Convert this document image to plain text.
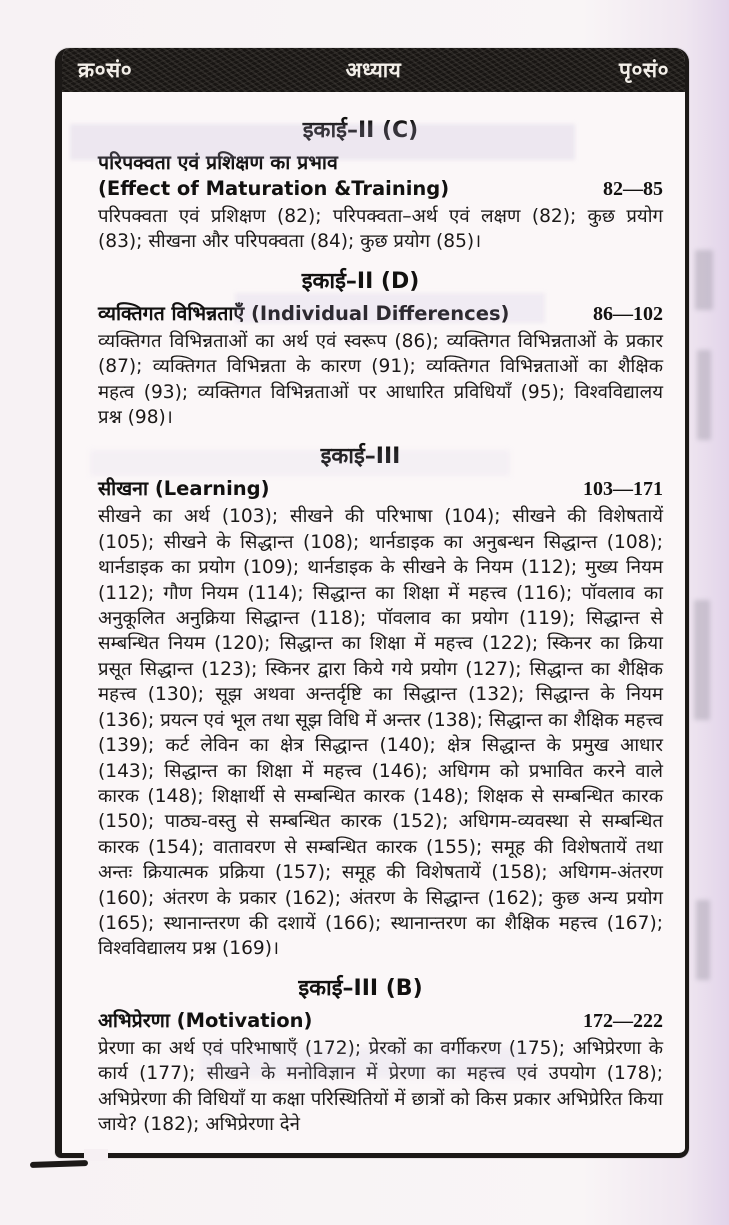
क्र०सं०	अध्याय	पृ०सं०
इकाई–II (C)
परिपक्वता एवं प्रशिक्षण का प्रभाव
(Effect of Maturation &Training)	82—85
परिपक्वता एवं प्रशिक्षण (82); परिपक्वता–अर्थ एवं लक्षण (82); कुछ प्रयोग (83); सीखना और परिपक्वता (84); कुछ प्रयोग (85)।
इकाई–II (D)
व्यक्तिगत विभिन्नताएँ (Individual Differences)	86—102
व्यक्तिगत विभिन्नताओं का अर्थ एवं स्वरूप (86); व्यक्तिगत विभिन्नताओं के प्रकार (87); व्यक्तिगत विभिन्नता के कारण (91); व्यक्तिगत विभिन्नताओं का शैक्षिक महत्व (93); व्यक्तिगत विभिन्नताओं पर आधारित प्रविधियाँ (95); विश्वविद्यालय प्रश्न (98)।
इकाई–III
सीखना (Learning)	103—171
सीखने का अर्थ (103); सीखने की परिभाषा (104); सीखने की विशेषतायें (105); सीखने के सिद्धान्त (108); थार्नडाइक का अनुबन्धन सिद्धान्त (108); थार्नडाइक का प्रयोग (109); थार्नडाइक के सीखने के नियम (112); मुख्य नियम (112); गौण नियम (114); सिद्धान्त का शिक्षा में महत्त्व (116); पॉवलाव का अनुकूलित अनुक्रिया सिद्धान्त (118); पॉवलाव का प्रयोग (119); सिद्धान्त से सम्बन्धित नियम (120); सिद्धान्त का शिक्षा में महत्त्व (122); स्किनर का क्रिया प्रसूत सिद्धान्त (123); स्किनर द्वारा किये गये प्रयोग (127); सिद्धान्त का शैक्षिक महत्त्व (130); सूझ अथवा अन्तर्दृष्टि का सिद्धान्त (132); सिद्धान्त के नियम (136); प्रयत्न एवं भूल तथा सूझ विधि में अन्तर (138); सिद्धान्त का शैक्षिक महत्त्व (139); कर्ट लेविन का क्षेत्र सिद्धान्त (140); क्षेत्र सिद्धान्त के प्रमुख आधार (143); सिद्धान्त का शिक्षा में महत्त्व (146); अधिगम को प्रभावित करने वाले कारक (148); शिक्षार्थी से सम्बन्धित कारक (148); शिक्षक से सम्बन्धित कारक (150); पाठ्य-वस्तु से सम्बन्धित कारक (152); अधिगम-व्यवस्था से सम्बन्धित कारक (154); वातावरण से सम्बन्धित कारक (155); समूह की विशेषतायें तथा अन्तः क्रियात्मक प्रक्रिया (157); समूह की विशेषतायें (158); अधिगम-अंतरण (160); अंतरण के प्रकार (162); अंतरण के सिद्धान्त (162); कुछ अन्य प्रयोग (165); स्थानान्तरण की दशायें (166); स्थानान्तरण का शैक्षिक महत्त्व (167); विश्वविद्यालय प्रश्न (169)।
इकाई–III (B)
अभिप्रेरणा (Motivation)	172—222
प्रेरणा का अर्थ एवं परिभाषाएँ (172); प्रेरकों का वर्गीकरण (175); अभिप्रेरणा के कार्य (177); सीखने के मनोविज्ञान में प्रेरणा का महत्त्व एवं उपयोग (178); अभिप्रेरणा की विधियाँ या कक्षा परिस्थितियों में छात्रों को किस प्रकार अभिप्रेरित किया जाये? (182); अभिप्रेरणा देने
